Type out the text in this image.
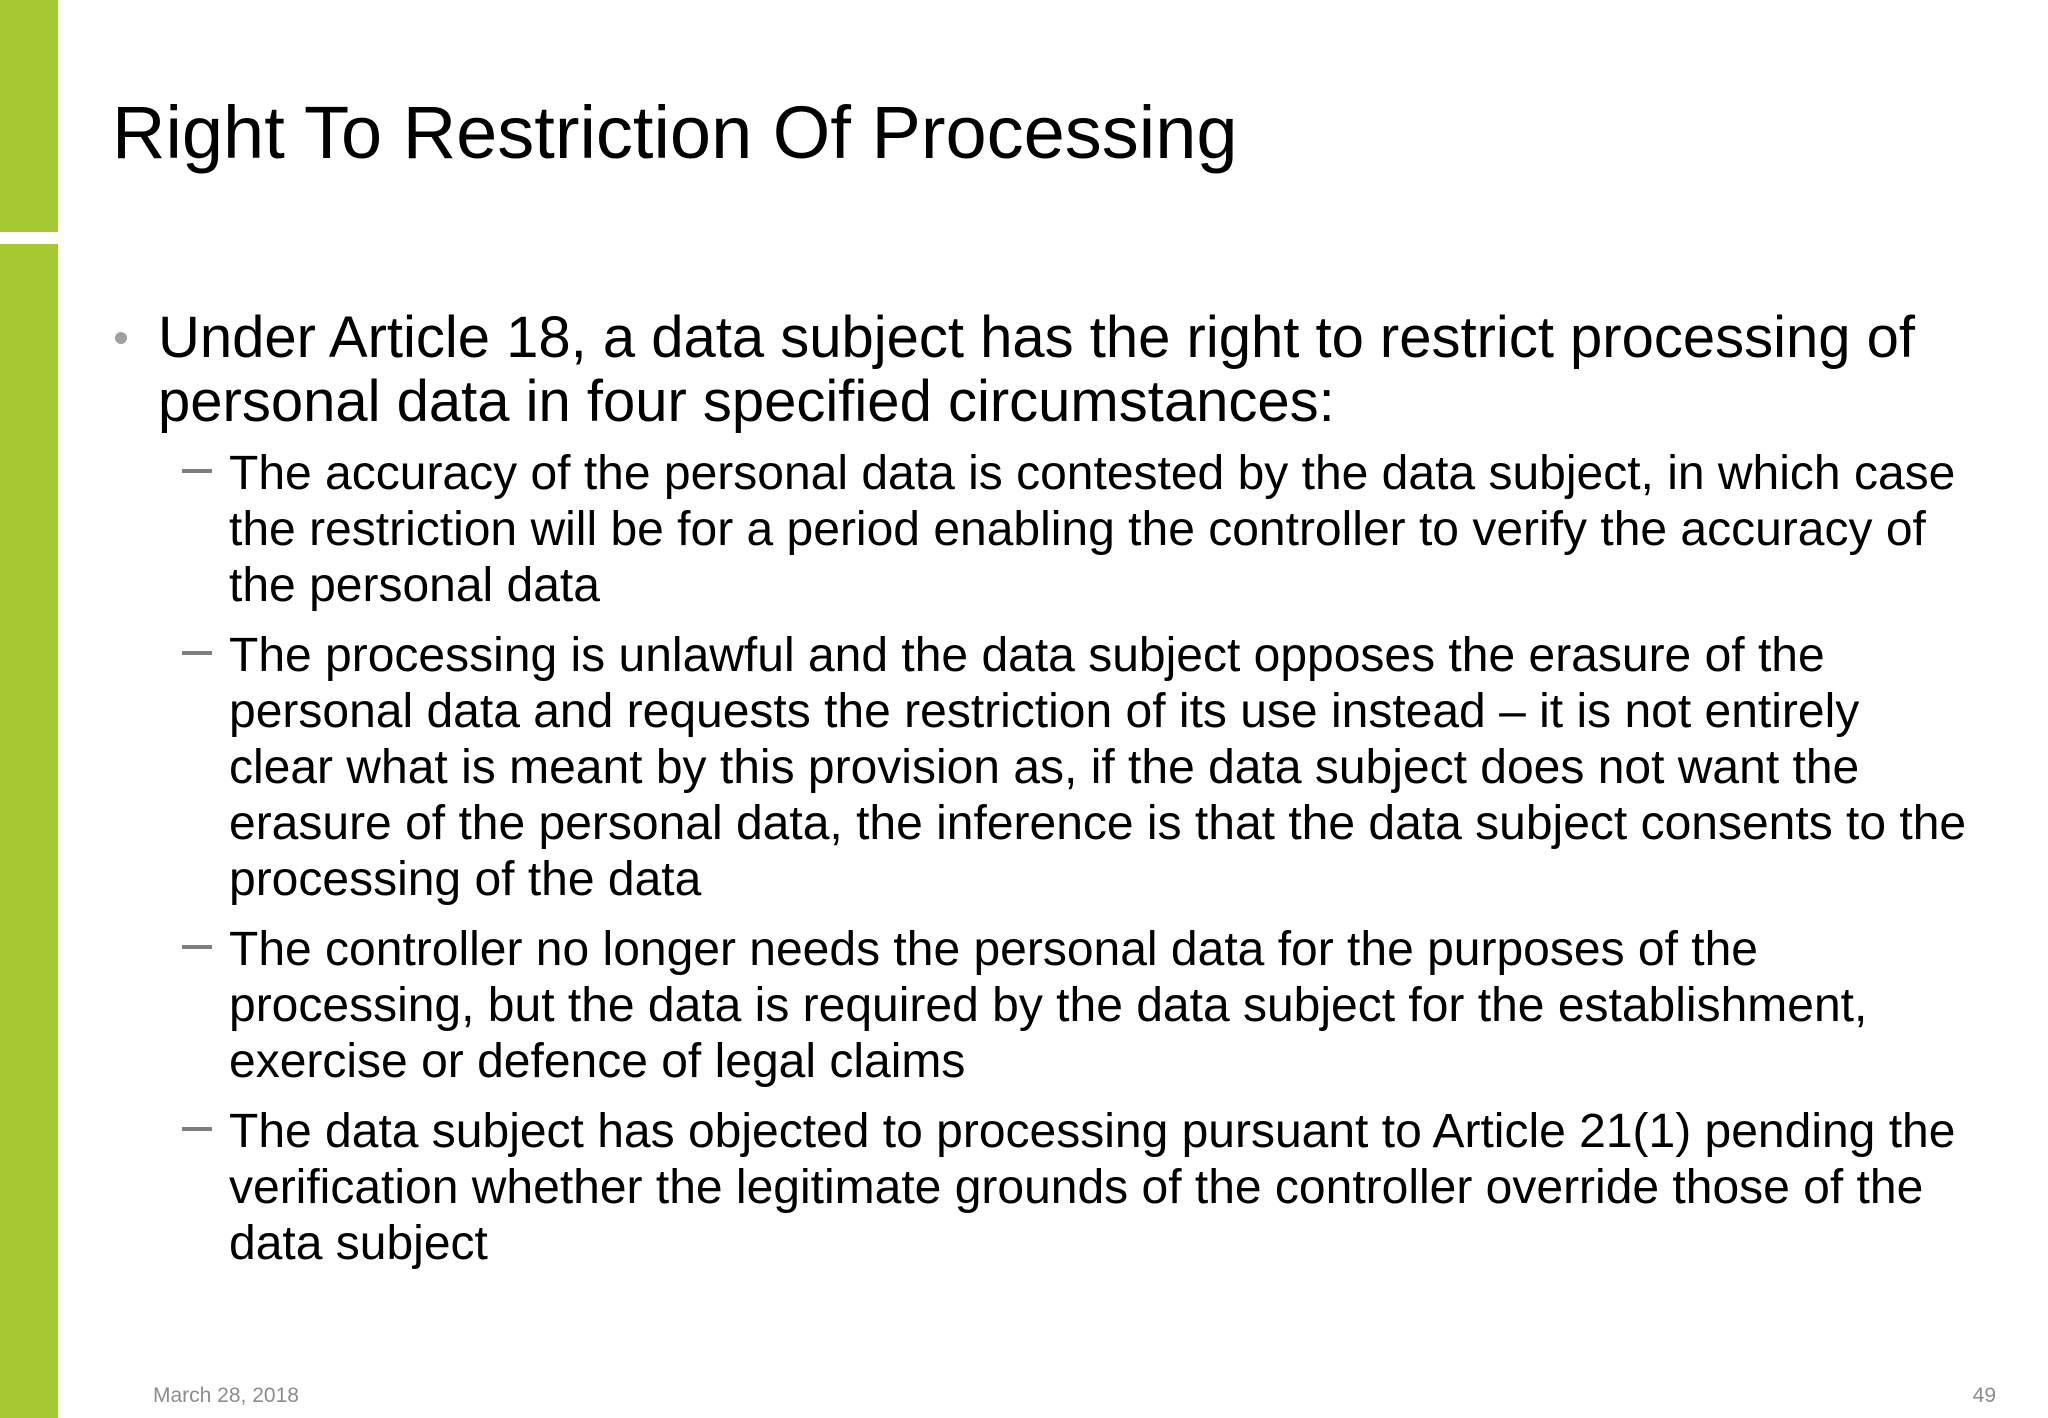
Right To Restriction Of Processing
Under Article 18, a data subject has the right to restrict processing of personal data in four specified circumstances:
The accuracy of the personal data is contested by the data subject, in which case the restriction will be for a period enabling the controller to verify the accuracy of the personal data
The processing is unlawful and the data subject opposes the erasure of the personal data and requests the restriction of its use instead – it is not entirely clear what is meant by this provision as, if the data subject does not want the erasure of the personal data, the inference is that the data subject consents to the processing of the data
The controller no longer needs the personal data for the purposes of the processing, but the data is required by the data subject for the establishment, exercise or defence of legal claims
The data subject has objected to processing pursuant to Article 21(1) pending the verification whether the legitimate grounds of the controller override those of the data subject
March 28, 2018	49
